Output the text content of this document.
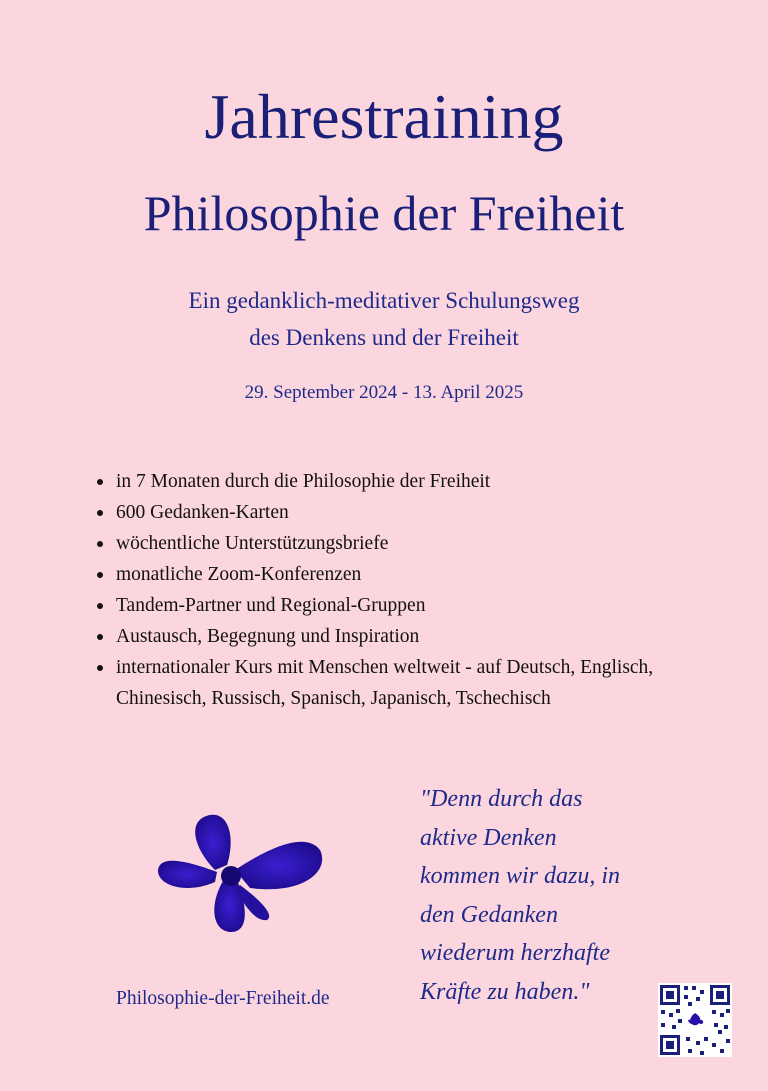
Jahrestraining
Philosophie der Freiheit
Ein gedanklich-meditativer Schulungsweg
des Denkens und der Freiheit
29. September 2024 - 13. April 2025
in 7 Monaten durch die Philosophie der Freiheit
600 Gedanken-Karten
wöchentliche Unterstützungsbriefe
monatliche Zoom-Konferenzen
Tandem-Partner und Regional-Gruppen
Austausch, Begegnung und Inspiration
internationaler Kurs mit Menschen weltweit - auf Deutsch, Englisch, Chinesisch, Russisch, Spanisch, Japanisch, Tschechisch
"Denn durch das
aktive Denken
kommen wir dazu, in
den Gedanken
wiederum herzhafte
Kräfte zu haben."
Philosophie-der-Freiheit.de
